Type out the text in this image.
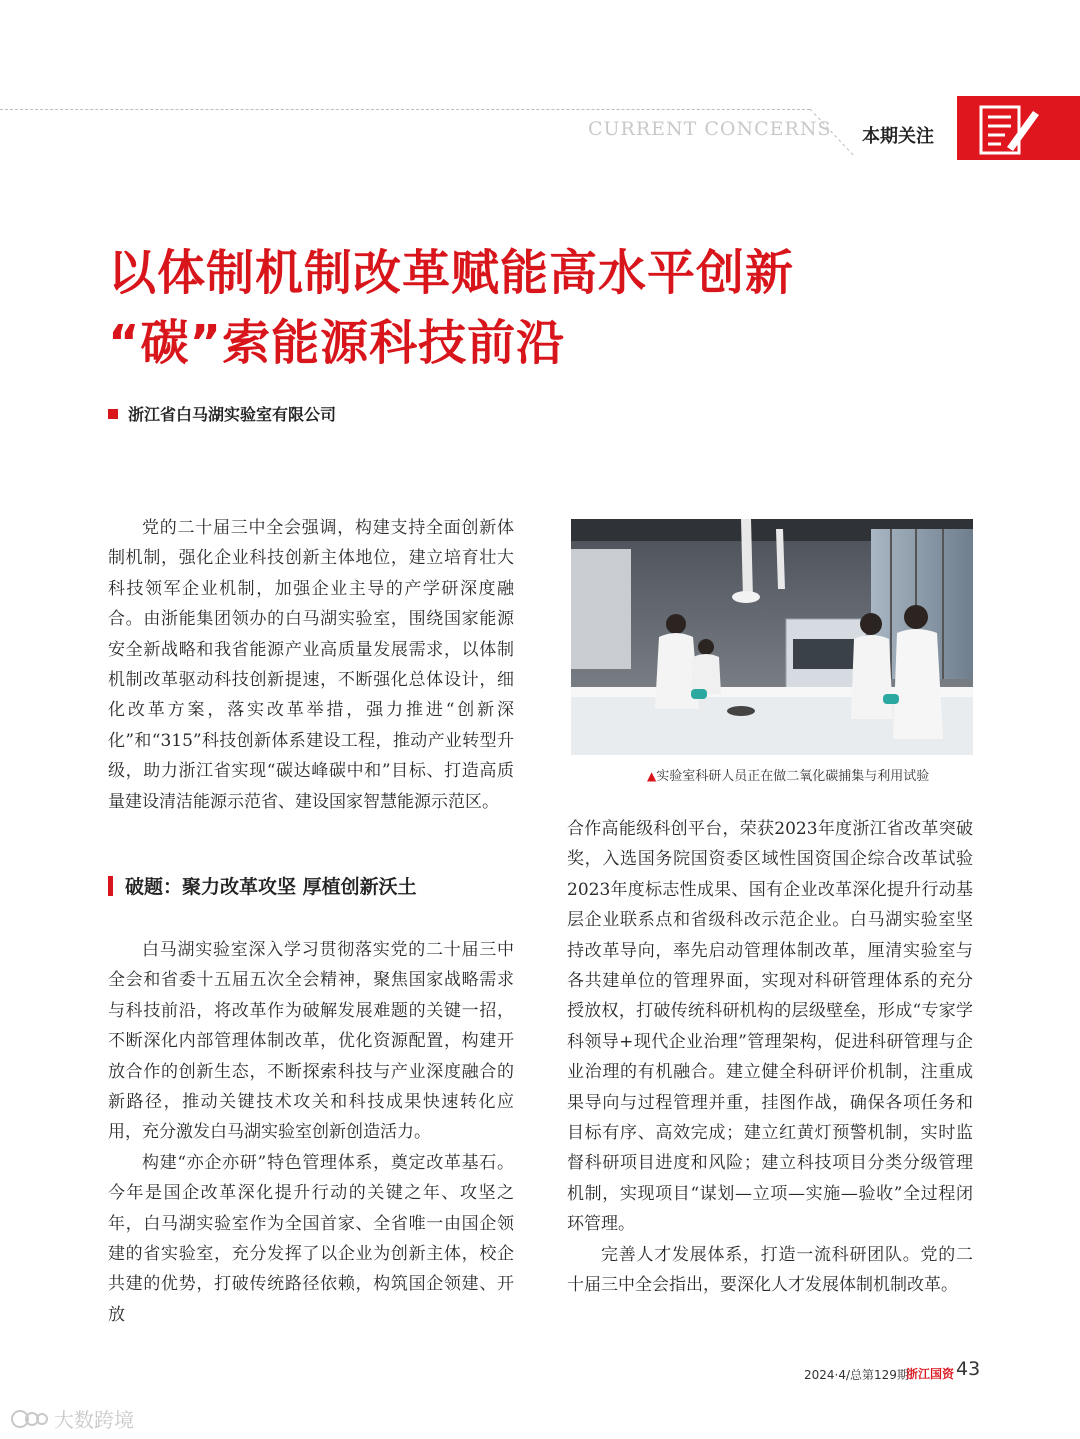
CURRENT CONCERNS 本期关注
以体制机制改革赋能高水平创新
“碳”索能源科技前沿
浙江省白马湖实验室有限公司

党的二十届三中全会强调，构建支持全面创新体制机制，强化企业科技创新主体地位，建立培育壮大科技领军企业机制，加强企业主导的产学研深度融合。由浙能集团领办的白马湖实验室，围绕国家能源安全新战略和我省能源产业高质量发展需求，以体制机制改革驱动科技创新提速，不断强化总体设计，细化改革方案，落实改革举措，强力推进“创新深化”和“315”科技创新体系建设工程，推动产业转型升级，助力浙江省实现“碳达峰碳中和”目标、打造高质量建设清洁能源示范省、建设国家智慧能源示范区。

破题：聚力改革攻坚 厚植创新沃土

白马湖实验室深入学习贯彻落实党的二十届三中全会和省委十五届五次全会精神，聚焦国家战略需求与科技前沿，将改革作为破解发展难题的关键一招，不断深化内部管理体制改革，优化资源配置，构建开放合作的创新生态，不断探索科技与产业深度融合的新路径，推动关键技术攻关和科技成果快速转化应用，充分激发白马湖实验室创新创造活力。

构建“亦企亦研”特色管理体系，奠定改革基石。今年是国企改革深化提升行动的关键之年、攻坚之年，白马湖实验室作为全国首家、全省唯一由国企领建的省实验室，充分发挥了以企业为创新主体，校企共建的优势，打破传统路径依赖，构筑国企领建、开放

▲实验室科研人员正在做二氧化碳捕集与利用试验

合作高能级科创平台，荣获2023年度浙江省改革突破奖，入选国务院国资委区域性国资国企综合改革试验2023年度标志性成果、国有企业改革深化提升行动基层企业联系点和省级科改示范企业。白马湖实验室坚持改革导向，率先启动管理体制改革，厘清实验室与各共建单位的管理界面，实现对科研管理体系的充分授放权，打破传统科研机构的层级壁垒，形成“专家学科领导+现代企业治理”管理架构，促进科研管理与企业治理的有机融合。建立健全科研评价机制，注重成果导向与过程管理并重，挂图作战，确保各项任务和目标有序、高效完成；建立红黄灯预警机制，实时监督科研项目进度和风险；建立科技项目分类分级管理机制，实现项目“谋划—立项—实施—验收”全过程闭环管理。

完善人才发展体系，打造一流科研团队。党的二十届三中全会指出，要深化人才发展体制机制改革。

2024·4/总第129期
浙江国资 43
大数跨境
